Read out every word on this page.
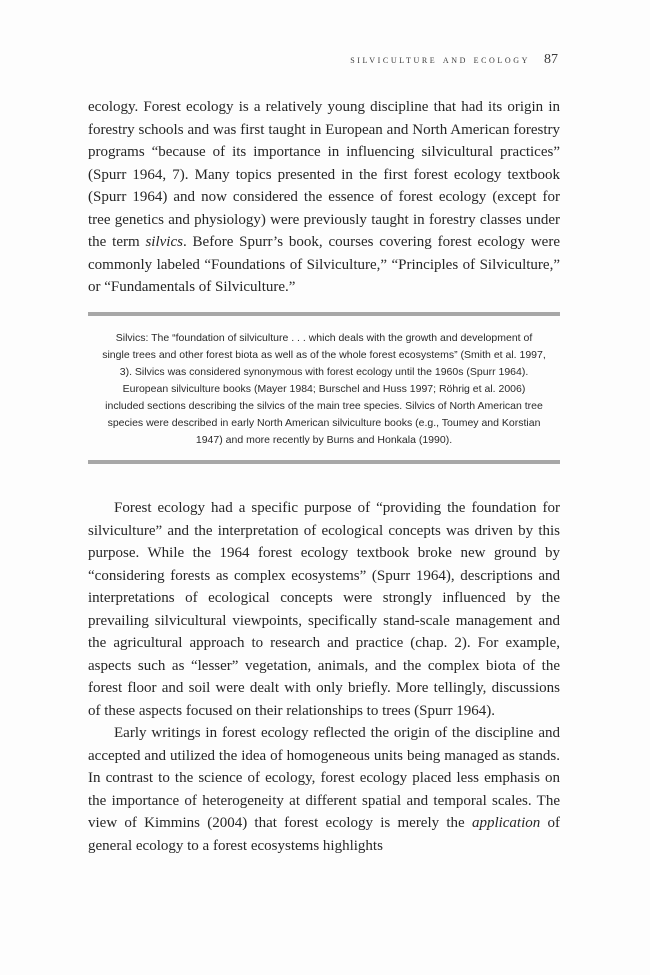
silviculture and ecology 87

ecology. Forest ecology is a relatively young discipline that had its origin in forestry schools and was first taught in European and North American forestry programs “because of its importance in influencing silvicultural practices” (Spurr 1964, 7). Many topics presented in the first forest ecology textbook (Spurr 1964) and now considered the essence of forest ecology (except for tree genetics and physiology) were previously taught in forestry classes under the term silvics. Before Spurr’s book, courses covering forest ecology were commonly labeled “Foundations of Silviculture,” “Principles of Silviculture,” or “Fundamentals of Silviculture.”

Silvics: The “foundation of silviculture . . . which deals with the growth and development of single trees and other forest biota as well as of the whole forest ecosystems” (Smith et al. 1997, 3). Silvics was considered synonymous with forest ecology until the 1960s (Spurr 1964). European silviculture books (Mayer 1984; Burschel and Huss 1997; Röhrig et al. 2006) included sections describing the silvics of the main tree species. Silvics of North American tree species were described in early North American silviculture books (e.g., Toumey and Korstian 1947) and more recently by Burns and Honkala (1990).

Forest ecology had a specific purpose of “providing the foundation for silviculture” and the interpretation of ecological concepts was driven by this purpose. While the 1964 forest ecology textbook broke new ground by “considering forests as complex ecosystems” (Spurr 1964), descriptions and interpretations of ecological concepts were strongly influenced by the prevailing silvicultural viewpoints, specifically stand-scale management and the agricultural approach to research and practice (chap. 2). For example, aspects such as “lesser” vegetation, animals, and the complex biota of the forest floor and soil were dealt with only briefly. More tellingly, discussions of these aspects focused on their relationships to trees (Spurr 1964).

Early writings in forest ecology reflected the origin of the discipline and accepted and utilized the idea of homogeneous units being managed as stands. In contrast to the science of ecology, forest ecology placed less emphasis on the importance of heterogeneity at different spatial and temporal scales. The view of Kimmins (2004) that forest ecology is merely the application of general ecology to a forest ecosystems highlights
